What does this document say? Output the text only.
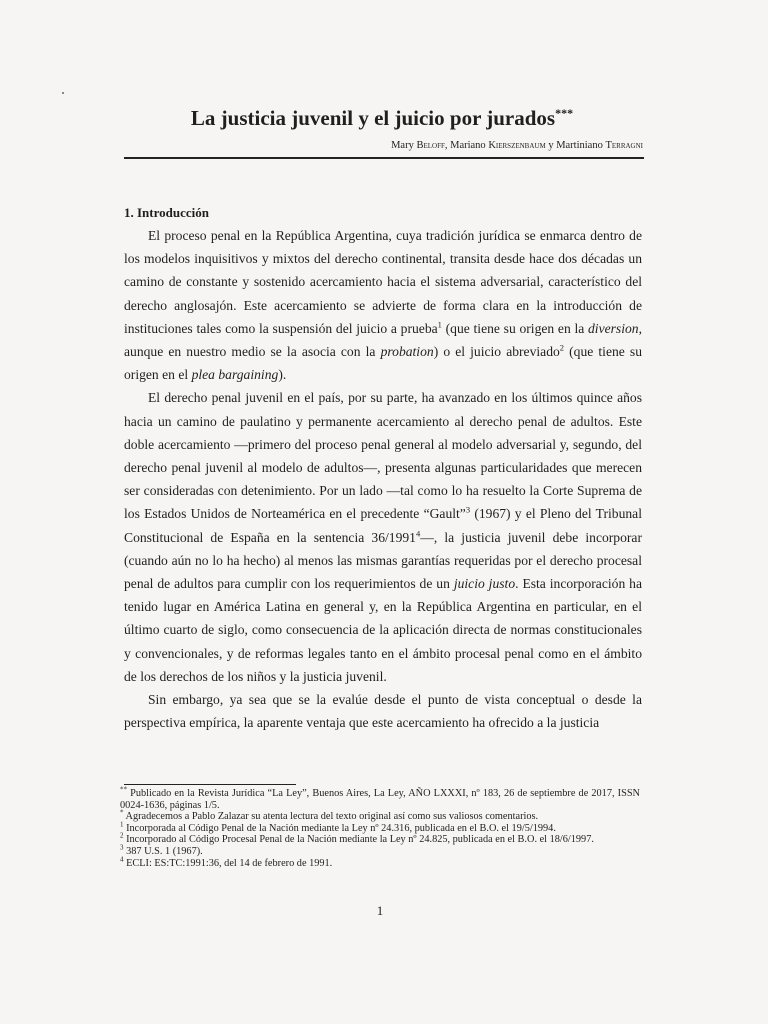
La justicia juvenil y el juicio por jurados***
Mary Beloff, Mariano Kierszenbaum y Martiniano Terragni
1. Introducción

El proceso penal en la República Argentina, cuya tradición jurídica se enmarca dentro de los modelos inquisitivos y mixtos del derecho continental, transita desde hace dos décadas un camino de constante y sostenido acercamiento hacia el sistema adversarial, característico del derecho anglosajón. Este acercamiento se advierte de forma clara en la introducción de instituciones tales como la suspensión del juicio a prueba$^1$ (que tiene su origen en la diversion, aunque en nuestro medio se la asocia con la probation) o el juicio abreviado$^2$ (que tiene su origen en el plea bargaining).

El derecho penal juvenil en el país, por su parte, ha avanzado en los últimos quince años hacia un camino de paulatino y permanente acercamiento al derecho penal de adultos. Este doble acercamiento —primero del proceso penal general al modelo adversarial y, segundo, del derecho penal juvenil al modelo de adultos—, presenta algunas particularidades que merecen ser consideradas con detenimiento. Por un lado —tal como lo ha resuelto la Corte Suprema de los Estados Unidos de Norteamérica en el precedente “Gault”$^3$ (1967) y el Pleno del Tribunal Constitucional de España en la sentencia 36/1991$^4$—, la justicia juvenil debe incorporar (cuando aún no lo ha hecho) al menos las mismas garantías requeridas por el derecho procesal penal de adultos para cumplir con los requerimientos de un juicio justo. Esta incorporación ha tenido lugar en América Latina en general y, en la República Argentina en particular, en el último cuarto de siglo, como consecuencia de la aplicación directa de normas constitucionales y convencionales, y de reformas legales tanto en el ámbito procesal penal como en el ámbito de los derechos de los niños y la justicia juvenil.

Sin embargo, ya sea que se la evalúe desde el punto de vista conceptual o desde la perspectiva empírica, la aparente ventaja que este acercamiento ha ofrecido a la justicia

** Publicado en la Revista Jurídica “La Ley”, Buenos Aires, La Ley, AÑO LXXXI, nº 183, 26 de septiembre de 2017, ISSN 0024-1636, páginas 1/5.
* Agradecemos a Pablo Zalazar su atenta lectura del texto original así como sus valiosos comentarios.
$^1$ Incorporada al Código Penal de la Nación mediante la Ley nº 24.316, publicada en el B.O. el 19/5/1994.
$^2$ Incorporado al Código Procesal Penal de la Nación mediante la Ley nº 24.825, publicada en el B.O. el 18/6/1997.
$^3$ 387 U.S. 1 (1967).
$^4$ ECLI: ES:TC:1991:36, del 14 de febrero de 1991.
1
